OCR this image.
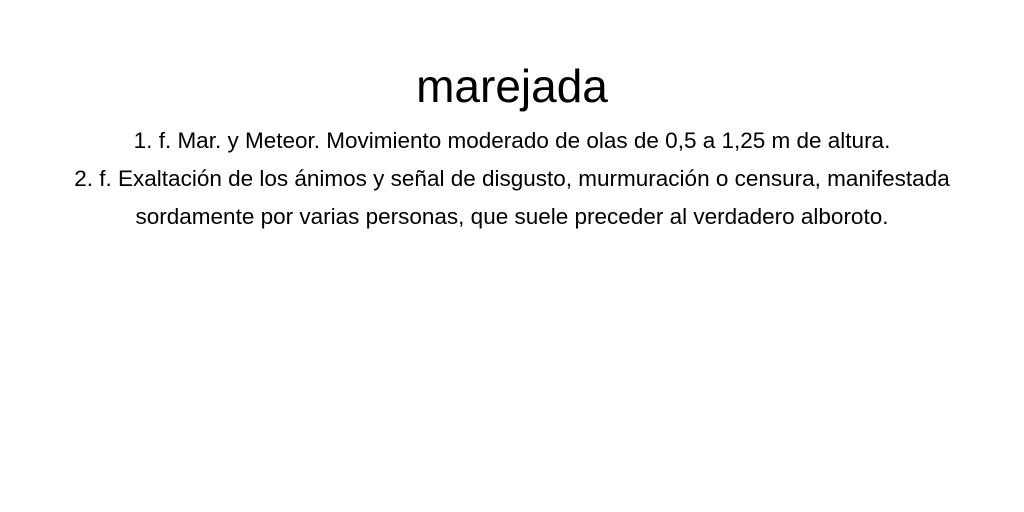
marejada
1. f. Mar. y Meteor. Movimiento moderado de olas de 0,5 a 1,25 m de altura.
2. f. Exaltación de los ánimos y señal de disgusto, murmuración o censura, manifestada sordamente por varias personas, que suele preceder al verdadero alboroto.
